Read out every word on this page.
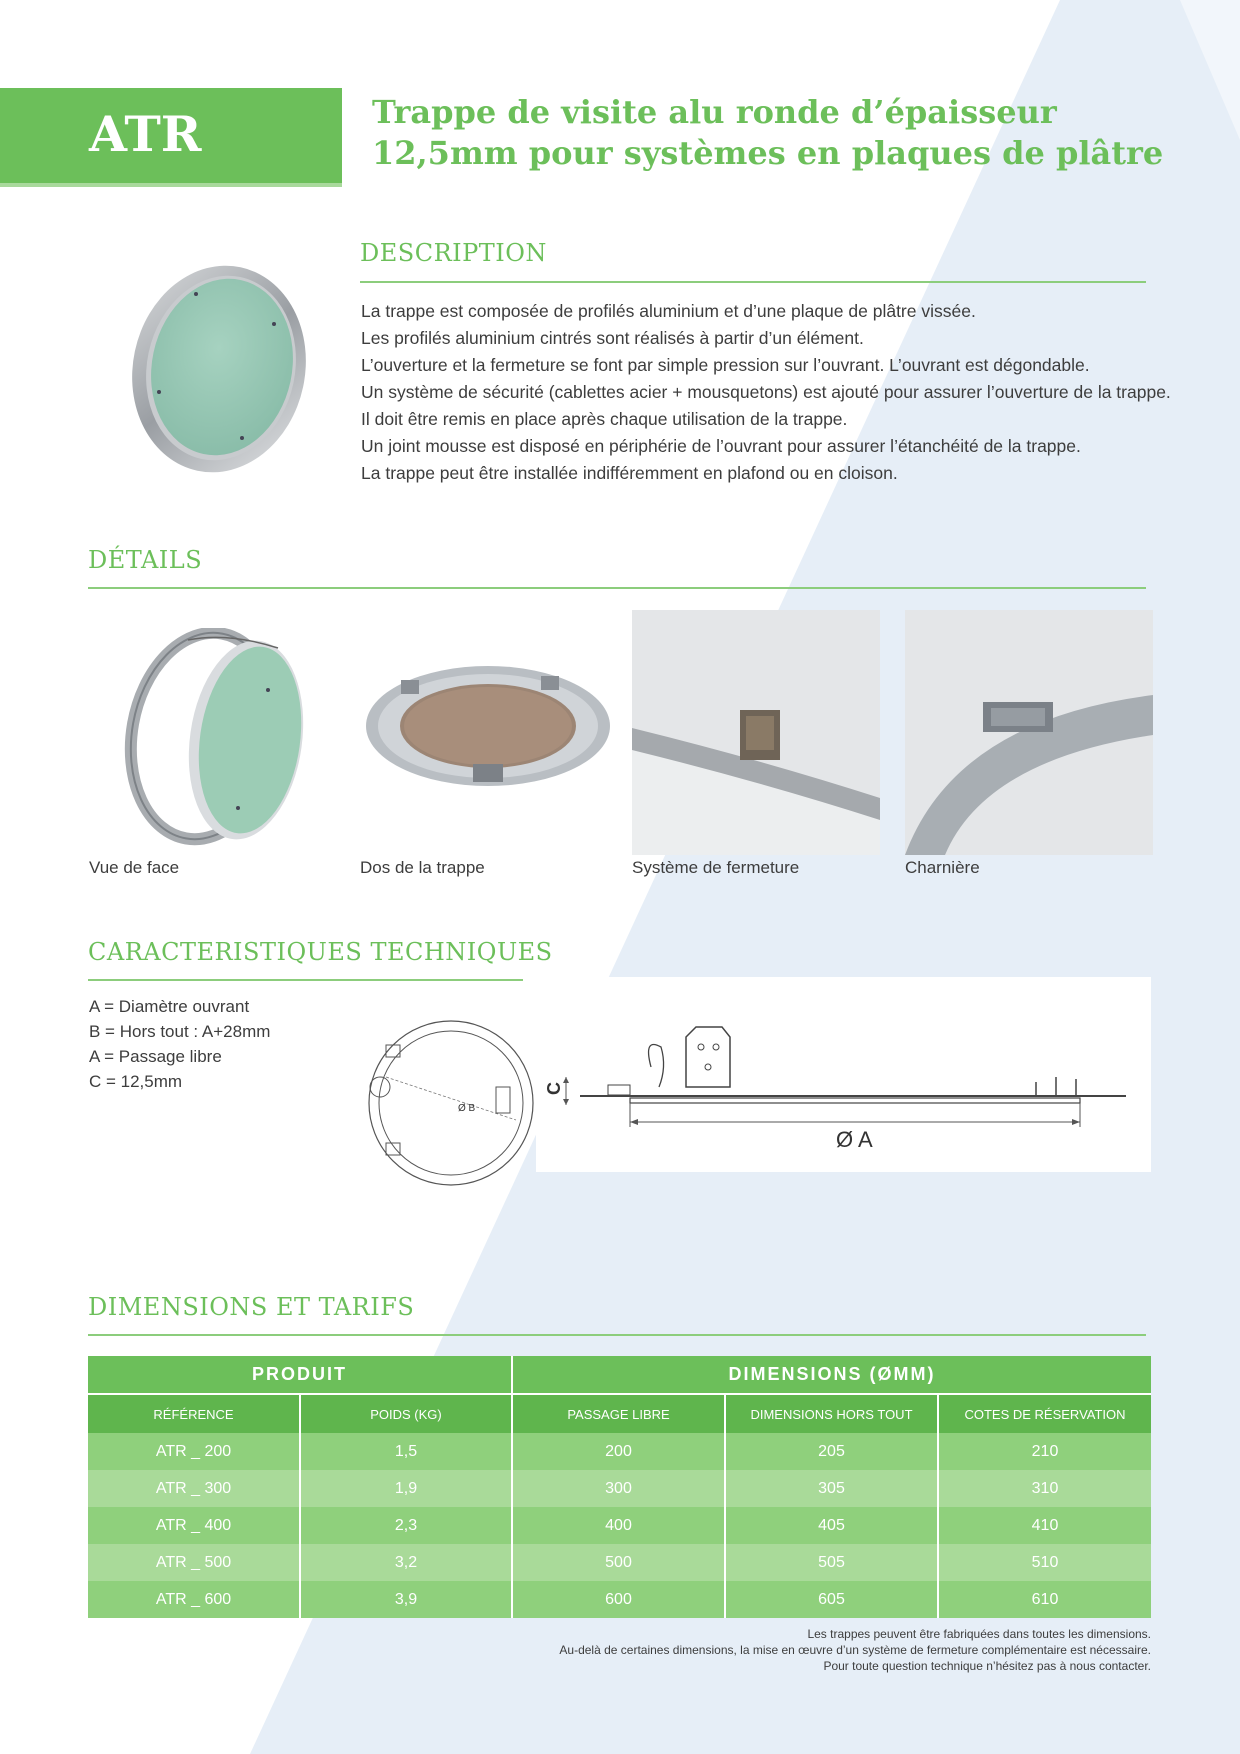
ATR	Trappe de visite alu ronde d’épaisseur
12,5mm pour systèmes en plaques de plâtre
DESCRIPTION
La trappe est composée de profilés aluminium et d’une plaque de plâtre vissée.
Les profilés aluminium cintrés sont réalisés à partir d’un élément.
L’ouverture et la fermeture se font par simple pression sur l’ouvrant. L’ouvrant est dégondable.
Un système de sécurité (cablettes acier + mousquetons) est ajouté pour assurer l’ouverture de la trappe.
Il doit être remis en place après chaque utilisation de la trappe.
Un joint mousse est disposé en périphérie de l’ouvrant pour assurer l’étanchéité de la trappe.
La trappe peut être installée indifféremment en plafond ou en cloison.
DÉTAILS
Vue de face	Dos de la trappe	Système de fermeture	Charnière
CARACTERISTIQUES TECHNIQUES
A = Diamètre ouvrant
B = Hors tout : A+28mm
A = Passage libre
C = 12,5mm
Ø B
C
Ø A
DIMENSIONS ET TARIFS
PRODUIT		DIMENSIONS (ØMM)		
RÉFÉRENCE	POIDS (KG)	PASSAGE LIBRE	DIMENSIONS HORS TOUT	COTES DE RÉSERVATION
ATR _ 200	1,5	200	205	210
ATR _ 300	1,9	300	305	310
ATR _ 400	2,3	400	405	410
ATR _ 500	3,2	500	505	510
ATR _ 600	3,9	600	605	610
Les trappes peuvent être fabriquées dans toutes les dimensions.
Au-delà de certaines dimensions, la mise en œuvre d’un système de fermeture complémentaire est nécessaire.
Pour toute question technique n’hésitez pas à nous contacter.
